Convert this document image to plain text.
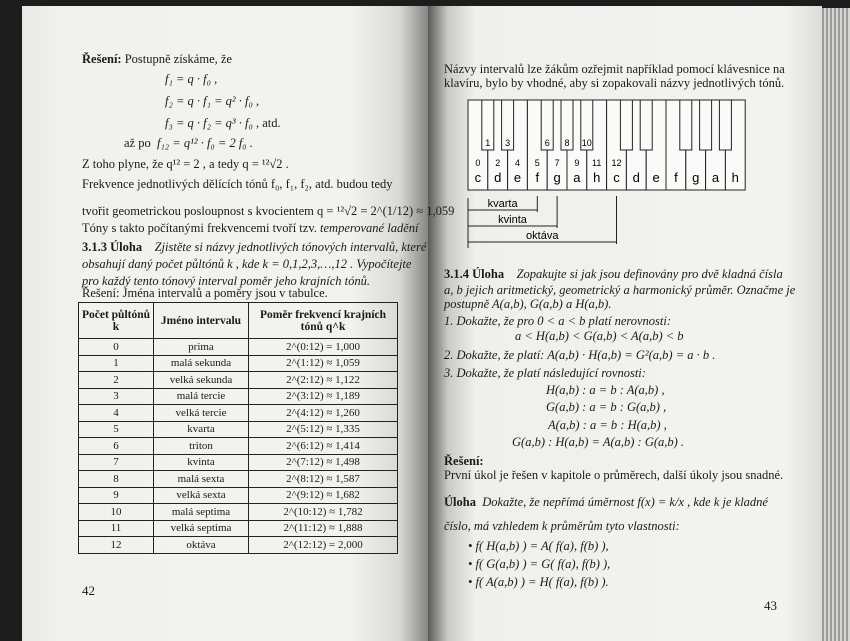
Řešení: Postupně získáme, že
f₁ = q · f₀ ,
f₂ = q · f₁ = q² · f₀ ,
f₃ = q · f₂ = q³ · f₀ , atd.
až po f₁₂ = q¹² · f₀ = 2 f₀ .
Z toho plyne, že q¹² = 2 , a tedy q = ¹²√2 .
Frekvence jednotlivých dělících tónů f₀, f₁, f₂, atd. budou tedy
tvořit geometrickou posloupnost s kvocientem q = ¹²√2 = 2^(1/12) ≈ 1,059
Tóny s takto počítanými frekvencemi tvoří tzv. temperované ladění
3.1.3 Úloha Zjistěte si názvy jednotlivých tónových intervalů, které
obsahují daný počet půltónů k , kde k = 0,1,2,3,…,12 . Vypočítejte
pro každý tento tónový interval poměr jeho krajních tónů.
Řešení: Jména intervalů a poměry jsou v tabulce.
Počet půltónů k	Jméno intervalu	Poměr frekvencí krajních tónů q^k
0	prima	2^(0:12) = 1,000
1	malá sekunda	2^(1:12) ≈ 1,059
2	velká sekunda	2^(2:12) ≈ 1,122
3	malá tercie	2^(3:12) ≈ 1,189
4	velká tercie	2^(4:12) ≈ 1,260
5	kvarta	2^(5:12) ≈ 1,335
6	triton	2^(6:12) ≈ 1,414
7	kvinta	2^(7:12) ≈ 1,498
8	malá sexta	2^(8:12) ≈ 1,587
9	velká sexta	2^(9:12) ≈ 1,682
10	malá septima	2^(10:12) ≈ 1,782
11	velká septima	2^(11:12) ≈ 1,888
12	oktáva	2^(12:12) = 2,000
42
Názvy intervalů lze žákům ozřejmit například pomocí klávesnice na
klavíru, bylo by vhodné, aby si zopakovali názvy jednotlivých tónů.
c
0
d
2
e
4
f
5
g
7
a
9
h
11
c
12
d e f g a h
1 3	6 8 10
kvarta
kvinta
oktáva
3.1.4 Úloha Zopakujte si jak jsou definovány pro dvě kladná čísla
a, b jejich aritmetický, geometrický a harmonický průměr. Označme je
postupně A(a,b), G(a,b) a H(a,b).
1. Dokažte, že pro 0 < a < b platí nerovnosti:
a < H(a,b) < G(a,b) < A(a,b) < b
2. Dokažte, že platí: A(a,b) · H(a,b) = G²(a,b) = a · b .
3. Dokažte, že platí následující rovnosti:
H(a,b) : a = b : A(a,b) ,
G(a,b) : a = b : G(a,b) ,
A(a,b) : a = b : H(a,b) ,
G(a,b) : H(a,b) = A(a,b) : G(a,b) .
Řešení:
První úkol je řešen v kapitole o průměrech, další úkoly jsou snadné.
Úloha Dokažte, že nepřímá úměrnost f(x) = k/x , kde k je kladné
číslo, má vzhledem k průměrům tyto vlastnosti:
• f( H(a,b) ) = A( f(a), f(b) ),
• f( G(a,b) ) = G( f(a), f(b) ),
• f( A(a,b) ) = H( f(a), f(b) ).
43
